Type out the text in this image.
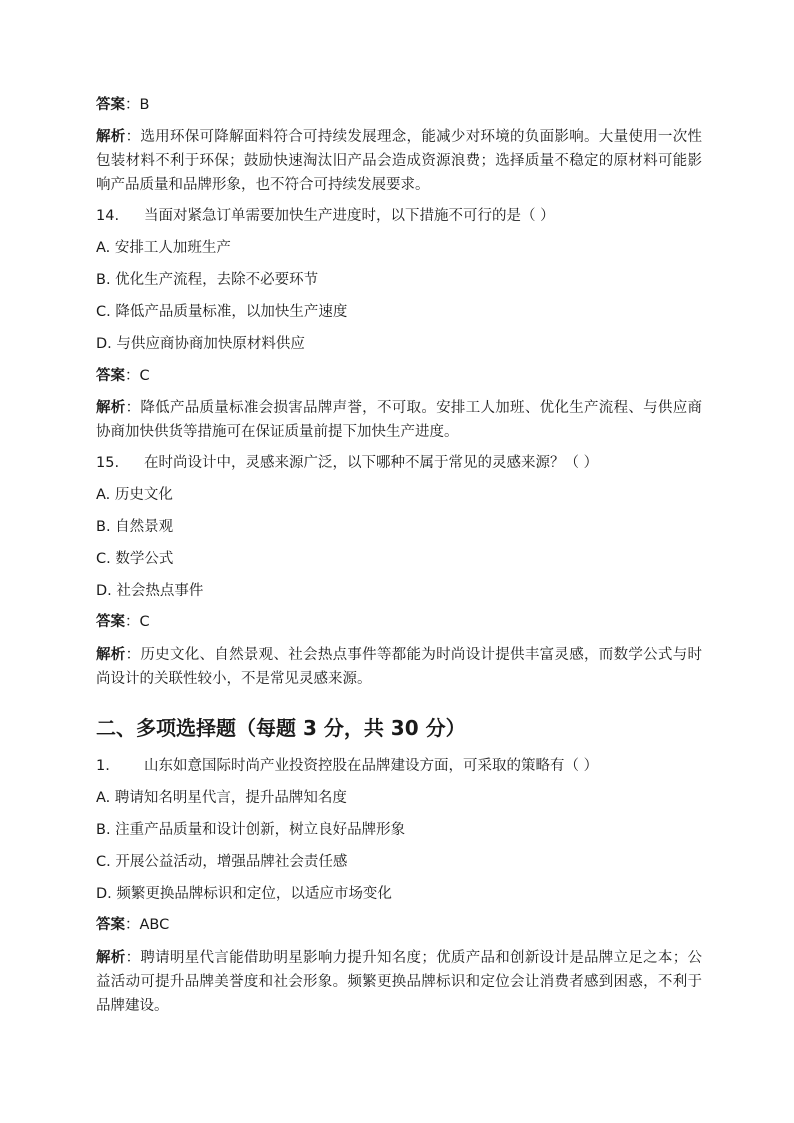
答案：B
解析：选用环保可降解面料符合可持续发展理念，能减少对环境的负面影响。大量使用一次性包装材料不利于环保；鼓励快速淘汰旧产品会造成资源浪费；选择质量不稳定的原材料可能影响产品质量和品牌形象，也不符合可持续发展要求。
14. 当面对紧急订单需要加快生产进度时，以下措施不可行的是（ ）
A. 安排工人加班生产
B. 优化生产流程，去除不必要环节
C. 降低产品质量标准，以加快生产速度
D. 与供应商协商加快原材料供应
答案：C
解析：降低产品质量标准会损害品牌声誉，不可取。安排工人加班、优化生产流程、与供应商协商加快供货等措施可在保证质量前提下加快生产进度。
15. 在时尚设计中，灵感来源广泛，以下哪种不属于常见的灵感来源？（ ）
A. 历史文化
B. 自然景观
C. 数学公式
D. 社会热点事件
答案：C
解析：历史文化、自然景观、社会热点事件等都能为时尚设计提供丰富灵感，而数学公式与时尚设计的关联性较小，不是常见灵感来源。
二、多项选择题（每题 3 分，共 30 分）
1. 山东如意国际时尚产业投资控股在品牌建设方面，可采取的策略有（ ）
A. 聘请知名明星代言，提升品牌知名度
B. 注重产品质量和设计创新，树立良好品牌形象
C. 开展公益活动，增强品牌社会责任感
D. 频繁更换品牌标识和定位，以适应市场变化
答案：ABC
解析：聘请明星代言能借助明星影响力提升知名度；优质产品和创新设计是品牌立足之本；公益活动可提升品牌美誉度和社会形象。频繁更换品牌标识和定位会让消费者感到困惑，不利于品牌建设。
